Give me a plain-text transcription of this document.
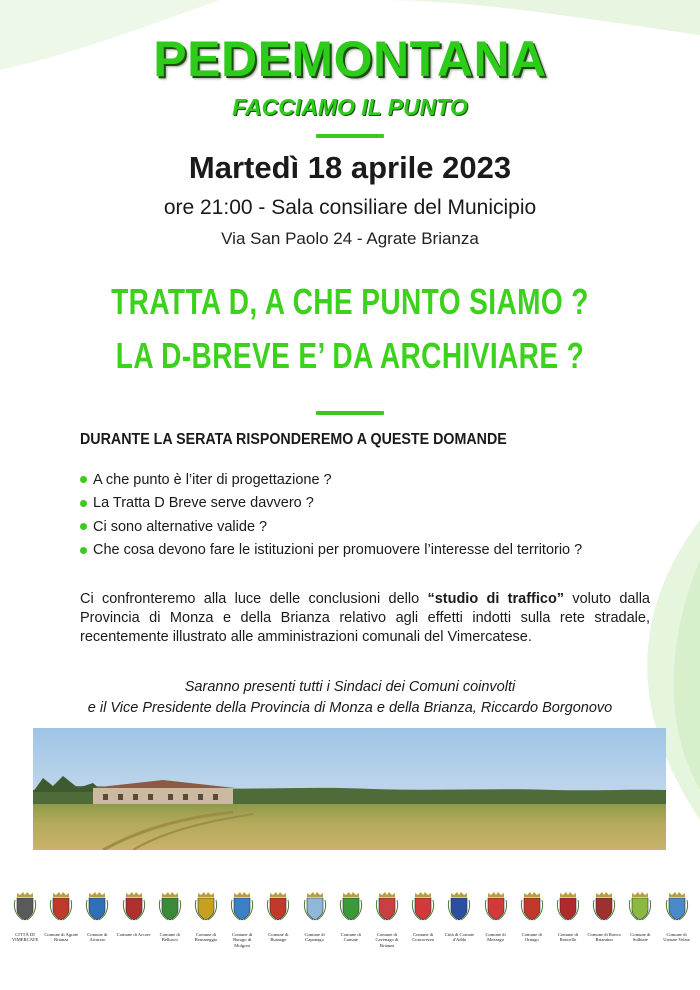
PEDEMONTANA
FACCIAMO IL PUNTO
Martedì 18 aprile 2023
ore 21:00 - Sala consiliare del Municipio
Via San Paolo 24 - Agrate Brianza
TRATTA D, A CHE PUNTO SIAMO ?
LA D-BREVE E’ DA ARCHIVIARE ?
DURANTE LA SERATA RISPONDEREMO A QUESTE DOMANDE
A che punto è l’iter di progettazione ?
La Tratta D Breve serve davvero ?
Ci sono alternative valide ?
Che cosa devono fare le istituzioni per promuovere l’interesse del territorio ?

Ci confronteremo alla luce delle conclusioni dello “studio di traffico” voluto dalla Provincia di Monza e della Brianza relativo agli effetti indotti sulla rete stradale, recentemente illustrato alle amministrazioni comunali del Vimercatese.

Saranno presenti tutti i Sindaci dei Comuni coinvolti
e il Vice Presidente della Provincia di Monza e della Brianza, Riccardo Borgonovo
CITTÀ DI VIMERCATE
Comune di Agrate Brianza
Comune di Aicurzio
Comune di Arcore	Comune di Bellusco
Comune di Bernareggio
Comune di Burago di Molgora
Comune di Busnago
Comune di Caponago
Comune di Carnate
Comune di Cavenago di Brianza
Comune di Concorezzo
Città di Cornate d'Adda
Comune di Mezzago
Comune di Ornago
Comune di Roncello
Comune di Ronco Briantino
Comune di Sulbiate
Comune di Usmate Velate
